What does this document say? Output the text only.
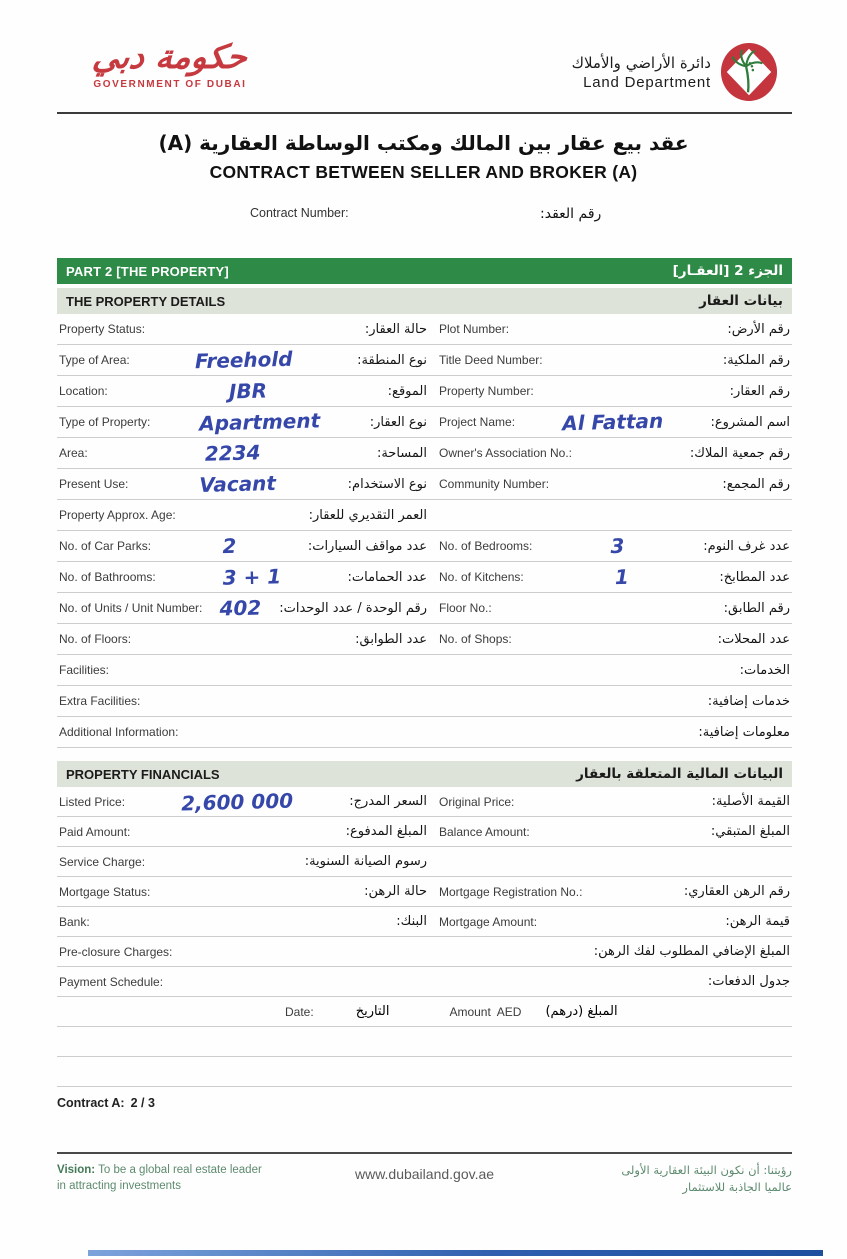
حكومة دبي
GOVERNMENT OF DUBAI
دائرة الأراضي والأملاك
Land Department
عقد بيع عقار بين المالك ومكتب الوساطة العقارية (A)
CONTRACT BETWEEN SELLER AND BROKER (A)
Contract Number:	رقم العقد:
PART 2 [THE PROPERTY]	الجزء 2 [العقـار]
THE PROPERTY DETAILS	بيانات العقار
Property Status:	حالة العقار: Plot Number:	رقم الأرض:
Type of Area:	Freehold	نوع المنطقة: Title Deed Number:	رقم الملكية:
Location:	JBR	الموقع: Property Number:	رقم العقار:
Type of Property:	Apartment	نوع العقار: Project Name:	Al Fattan	اسم المشروع:
Area:	2234	المساحة: Owner's Association No.:	رقم جمعية الملاك:
Present Use:	Vacant	نوع الاستخدام: Community Number:	رقم المجمع:
Property Approx. Age:	العمر التقديري للعقار:
No. of Car Parks:	2	عدد مواقف السيارات: No. of Bedrooms:	3	عدد غرف النوم:
No. of Bathrooms:	3 + 1	عدد الحمامات: No. of Kitchens:	1	عدد المطابخ:
No. of Units / Unit Number: 402	رقم الوحدة / عدد الوحدات: Floor No.:	رقم الطابق:
No. of Floors:	عدد الطوابق: No. of Shops:	عدد المحلات:
Facilities:	الخدمات:
Extra Facilities:	خدمات إضافية:
Additional Information:	معلومات إضافية:
PROPERTY FINANCIALS	البيانات المالية المتعلقة بالعقار
Listed Price:	2,600 000	السعر المدرج: Original Price:	القيمة الأصلية:
Paid Amount:	المبلغ المدفوع: Balance Amount:	المبلغ المتبقي:
Service Charge:	رسوم الصيانة السنوية:
Mortgage Status:	حالة الرهن: Mortgage Registration No.:	رقم الرهن العقاري:
Bank:	البنك: Mortgage Amount:	قيمة الرهن:
Pre-closure Charges:	المبلغ الإضافي المطلوب لفك الرهن:
Payment Schedule:	جدول الدفعات:
Date:	التاريخ	Amount  AED المبلغ (درهم)
Contract A: 2 / 3
Vision: To be a global real estate leader
in attracting investments
www.dubailand.gov.ae	رؤيتنا: أن نكون البيئة العقارية الأولى
عالميا الجاذبة للاستثمار
